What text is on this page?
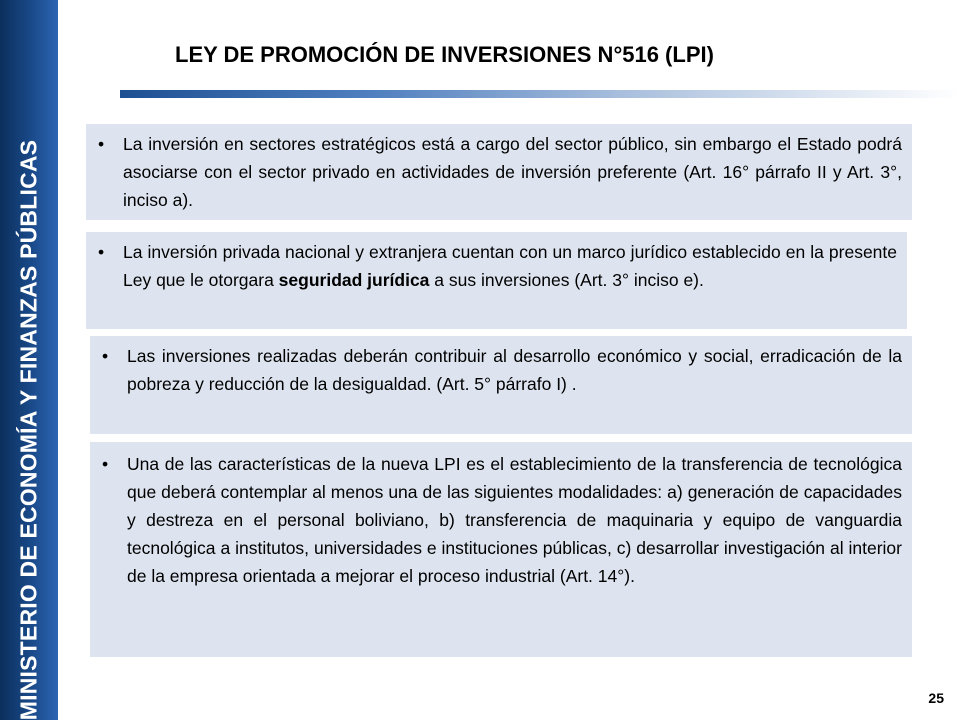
MINISTERIO DE ECONOMÍA Y FINANZAS PÚBLICAS
LEY DE PROMOCIÓN DE INVERSIONES N°516 (LPI)
• La inversión en sectores estratégicos está a cargo del sector público, sin embargo el Estado podrá asociarse con el sector privado en actividades de inversión preferente (Art. 16° párrafo II y Art. 3°, inciso a).
• La inversión privada nacional y extranjera cuentan con un marco jurídico establecido en la presente Ley que le otorgara seguridad jurídica a sus inversiones (Art. 3° inciso e).
• Las inversiones realizadas deberán contribuir al desarrollo económico y social, erradicación de la pobreza y reducción de la desigualdad. (Art. 5° párrafo I) .
• Una de las características de la nueva LPI es el establecimiento de la transferencia de tecnológica que deberá contemplar al menos una de las siguientes modalidades: a) generación de capacidades y destreza en el personal boliviano, b) transferencia de maquinaria y equipo de vanguardia tecnológica a institutos, universidades e instituciones públicas, c) desarrollar investigación al interior de la empresa orientada a mejorar el proceso industrial (Art. 14°).
25
